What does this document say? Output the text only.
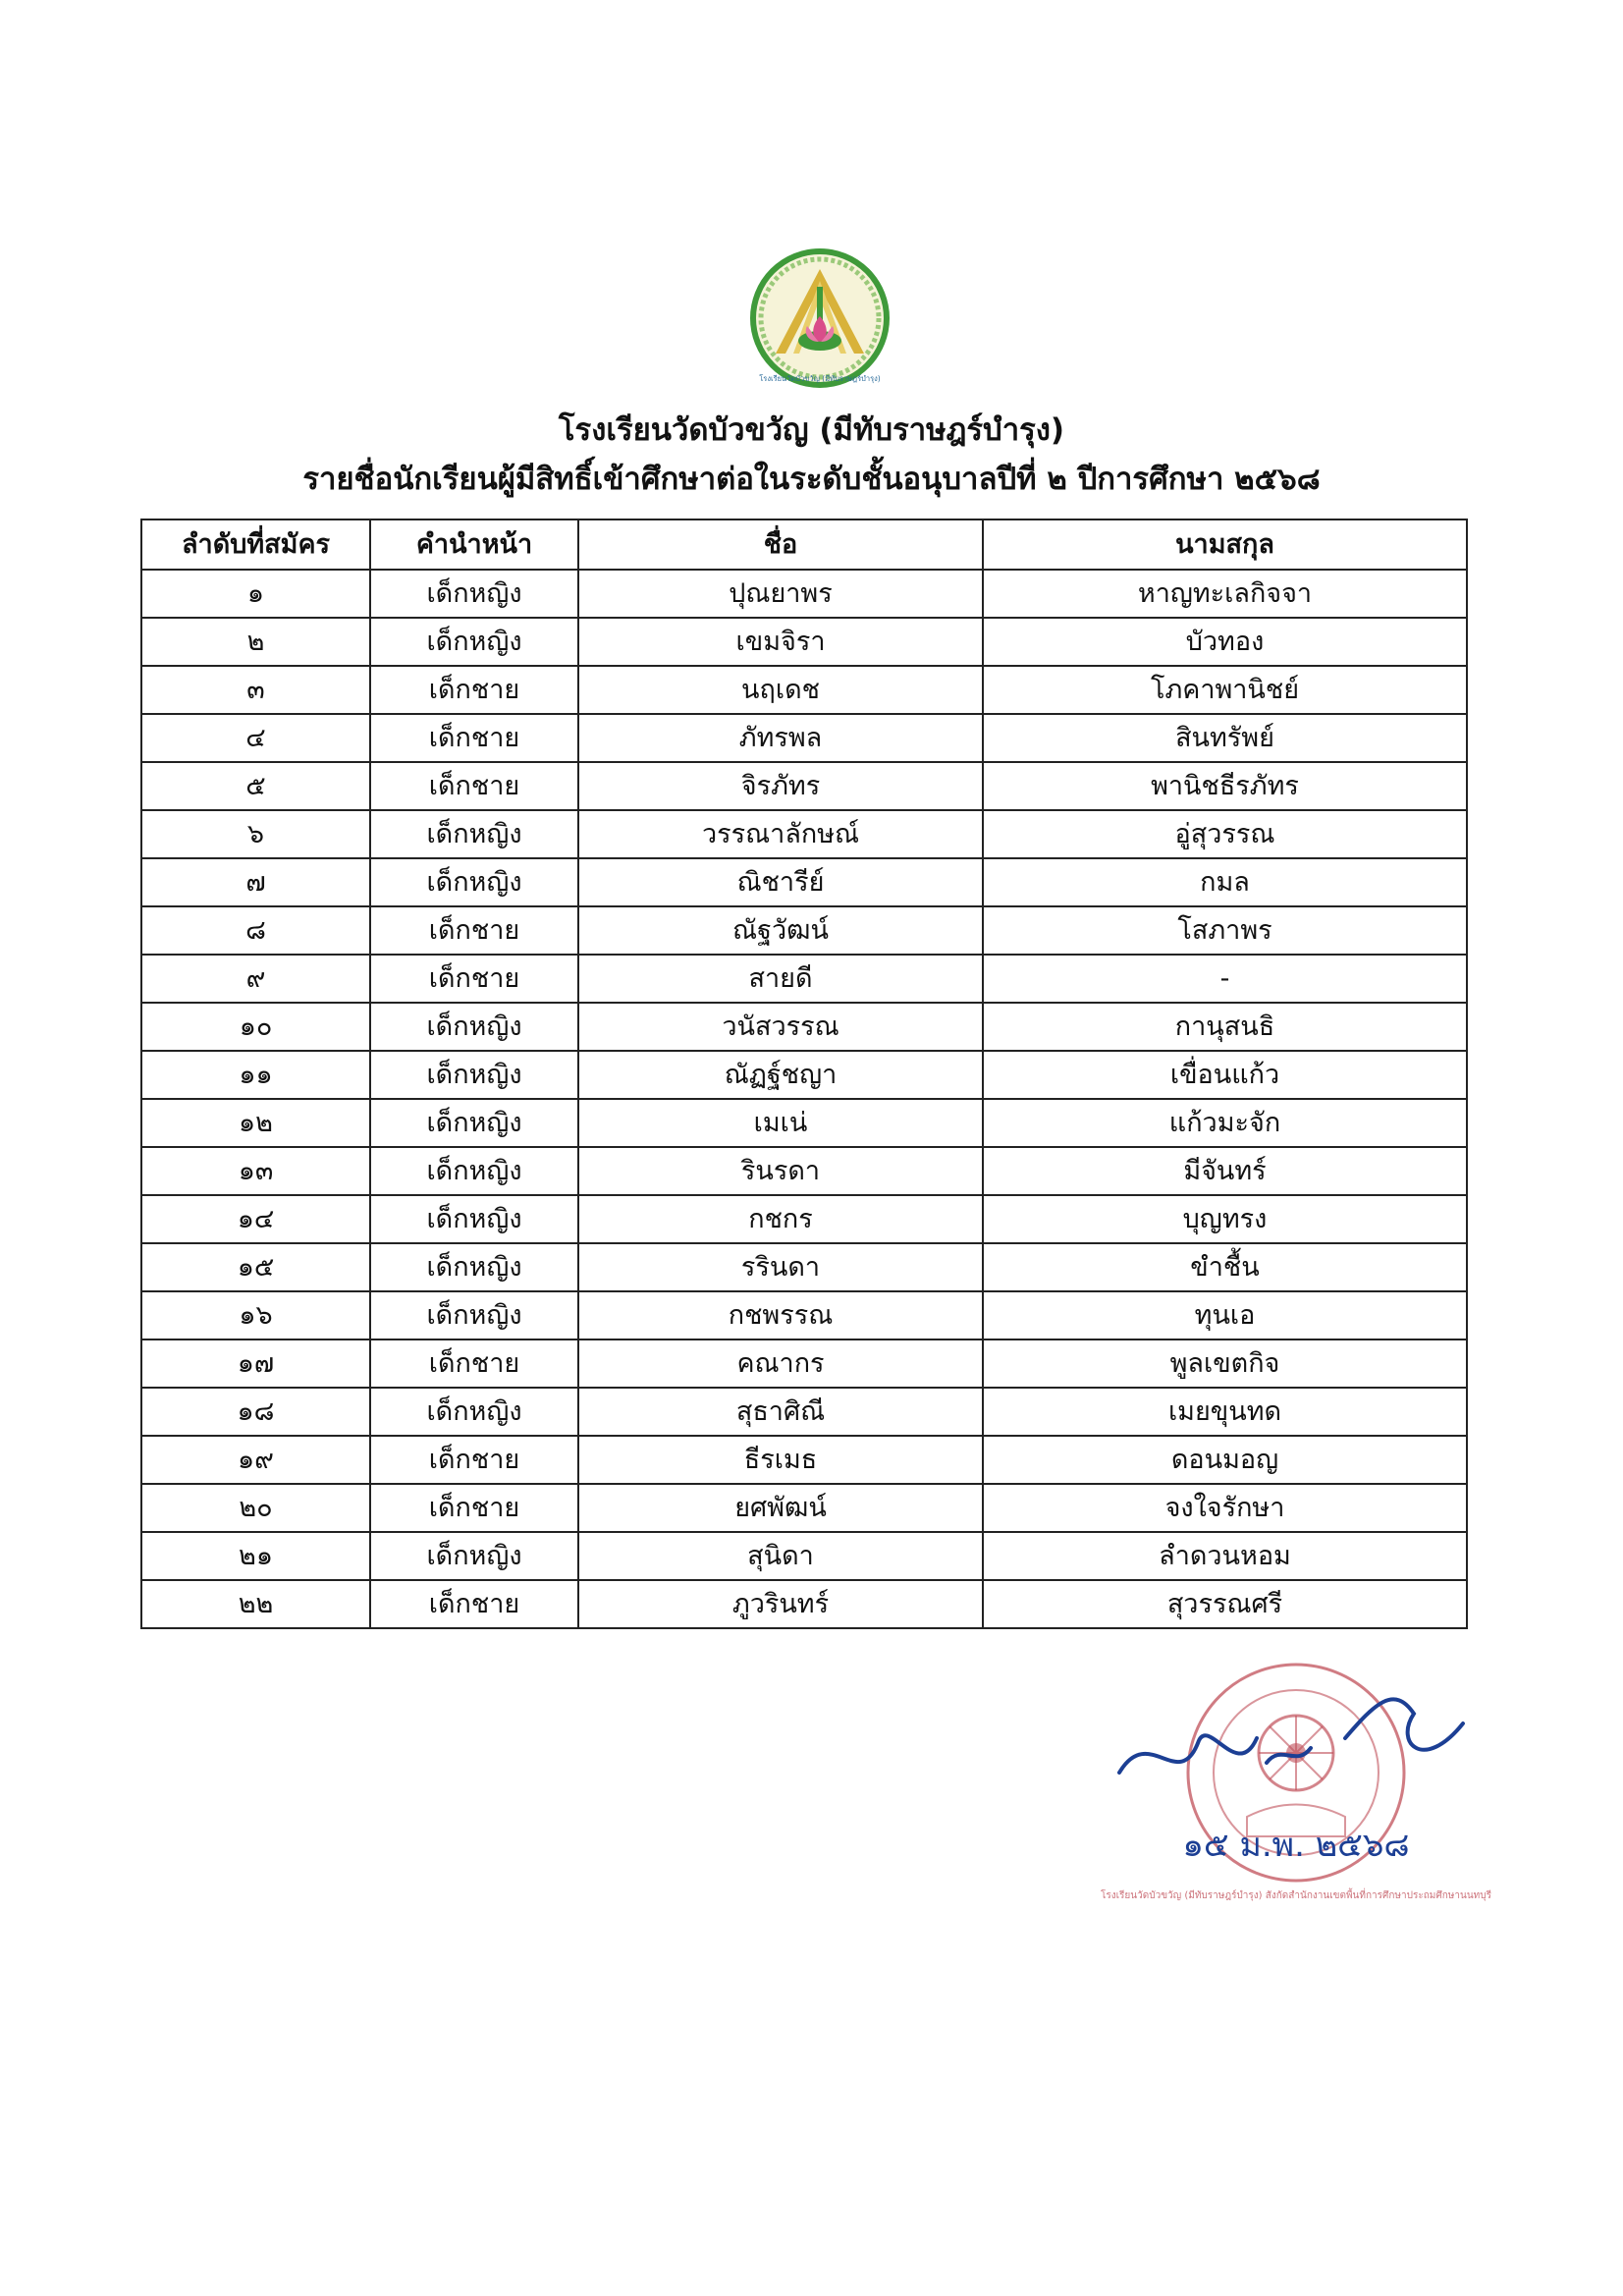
โรงเรียนวัดบัวขวัญ (มีทับราษฎร์บำรุง)
โรงเรียนวัดบัวขวัญ (มีทับราษฎร์บำรุง)
รายชื่อนักเรียนผู้มีสิทธิ์เข้าศึกษาต่อในระดับชั้นอนุบาลปีที่ ๒ ปีการศึกษา ๒๕๖๘
ลำดับที่สมัคร	คำนำหน้า	ชื่อ	นามสกุล
๑	เด็กหญิง	ปุณยาพร	หาญทะเลกิจจา
๒	เด็กหญิง	เขมจิรา	บัวทอง
๓	เด็กชาย	นฤเดช	โภคาพานิชย์
๔	เด็กชาย	ภัทรพล	สินทรัพย์
๕	เด็กชาย	จิรภัทร	พานิชธีรภัทร
๖	เด็กหญิง	วรรณาลักษณ์	อู่สุวรรณ
๗	เด็กหญิง	ณิชารีย์	กมล
๘	เด็กชาย	ณัฐวัฒน์	โสภาพร
๙	เด็กชาย	สายดี	-
๑๐	เด็กหญิง	วนัสวรรณ	กานุสนธิ
๑๑	เด็กหญิง	ณัฏฐ์ชญา	เขื่อนแก้ว
๑๒	เด็กหญิง	เมเน่	แก้วมะจัก
๑๓	เด็กหญิง	รินรดา	มีจันทร์
๑๔	เด็กหญิง	กชกร	บุญทรง
๑๕	เด็กหญิง	รรินดา	ขำชื้น
๑๖	เด็กหญิง	กชพรรณ	ทุนเอ
๑๗	เด็กชาย	คณากร	พูลเขตกิจ
๑๘	เด็กหญิง	สุธาศิณี	เมยขุนทด
๑๙	เด็กชาย	ธีรเมธ	ดอนมอญ
๒๐	เด็กชาย	ยศพัฒน์	จงใจรักษา
๒๑	เด็กหญิง	สุนิดา	ลำดวนหอม
๒๒	เด็กชาย	ภูวรินทร์	สุวรรณศรี
๑๕ ม.พ. ๒๕๖๘
โรงเรียนวัดบัวขวัญ (มีทับราษฎร์บำรุง) สังกัดสำนักงานเขตพื้นที่การศึกษาประถมศึกษานนทบุรี
